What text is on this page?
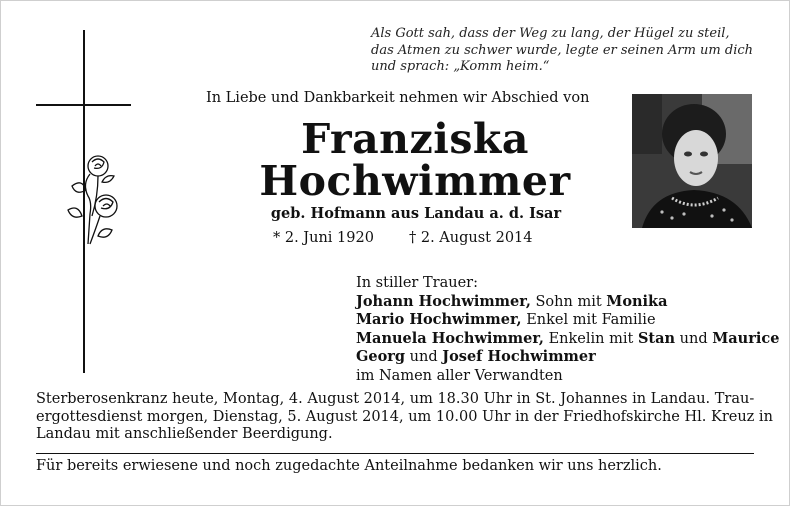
Als Gott sah, dass der Weg zu lang, der Hügel zu steil,
das Atmen zu schwer wurde, legte er seinen Arm um dich
und sprach: „Komm heim.“
In Liebe und Dankbarkeit nehmen wir Abschied von
Franziska
Hochwimmer
geb. Hofmann aus Landau a. d. Isar
* 2. Juni 1920 † 2. August 2014
In stiller Trauer:
Johann Hochwimmer, Sohn mit Monika
Mario Hochwimmer, Enkel mit Familie
Manuela Hochwimmer, Enkelin mit Stan und Maurice
Georg und Josef Hochwimmer
im Namen aller Verwandten
Sterberosenkranz heute, Montag, 4. August 2014, um 18.30 Uhr in St. Johannes in Landau. Trau-
ergottesdienst morgen, Dienstag, 5. August 2014, um 10.00 Uhr in der Friedhofskirche Hl. Kreuz in
Landau mit anschließender Beerdigung.
Für bereits erwiesene und noch zugedachte Anteilnahme bedanken wir uns herzlich.
